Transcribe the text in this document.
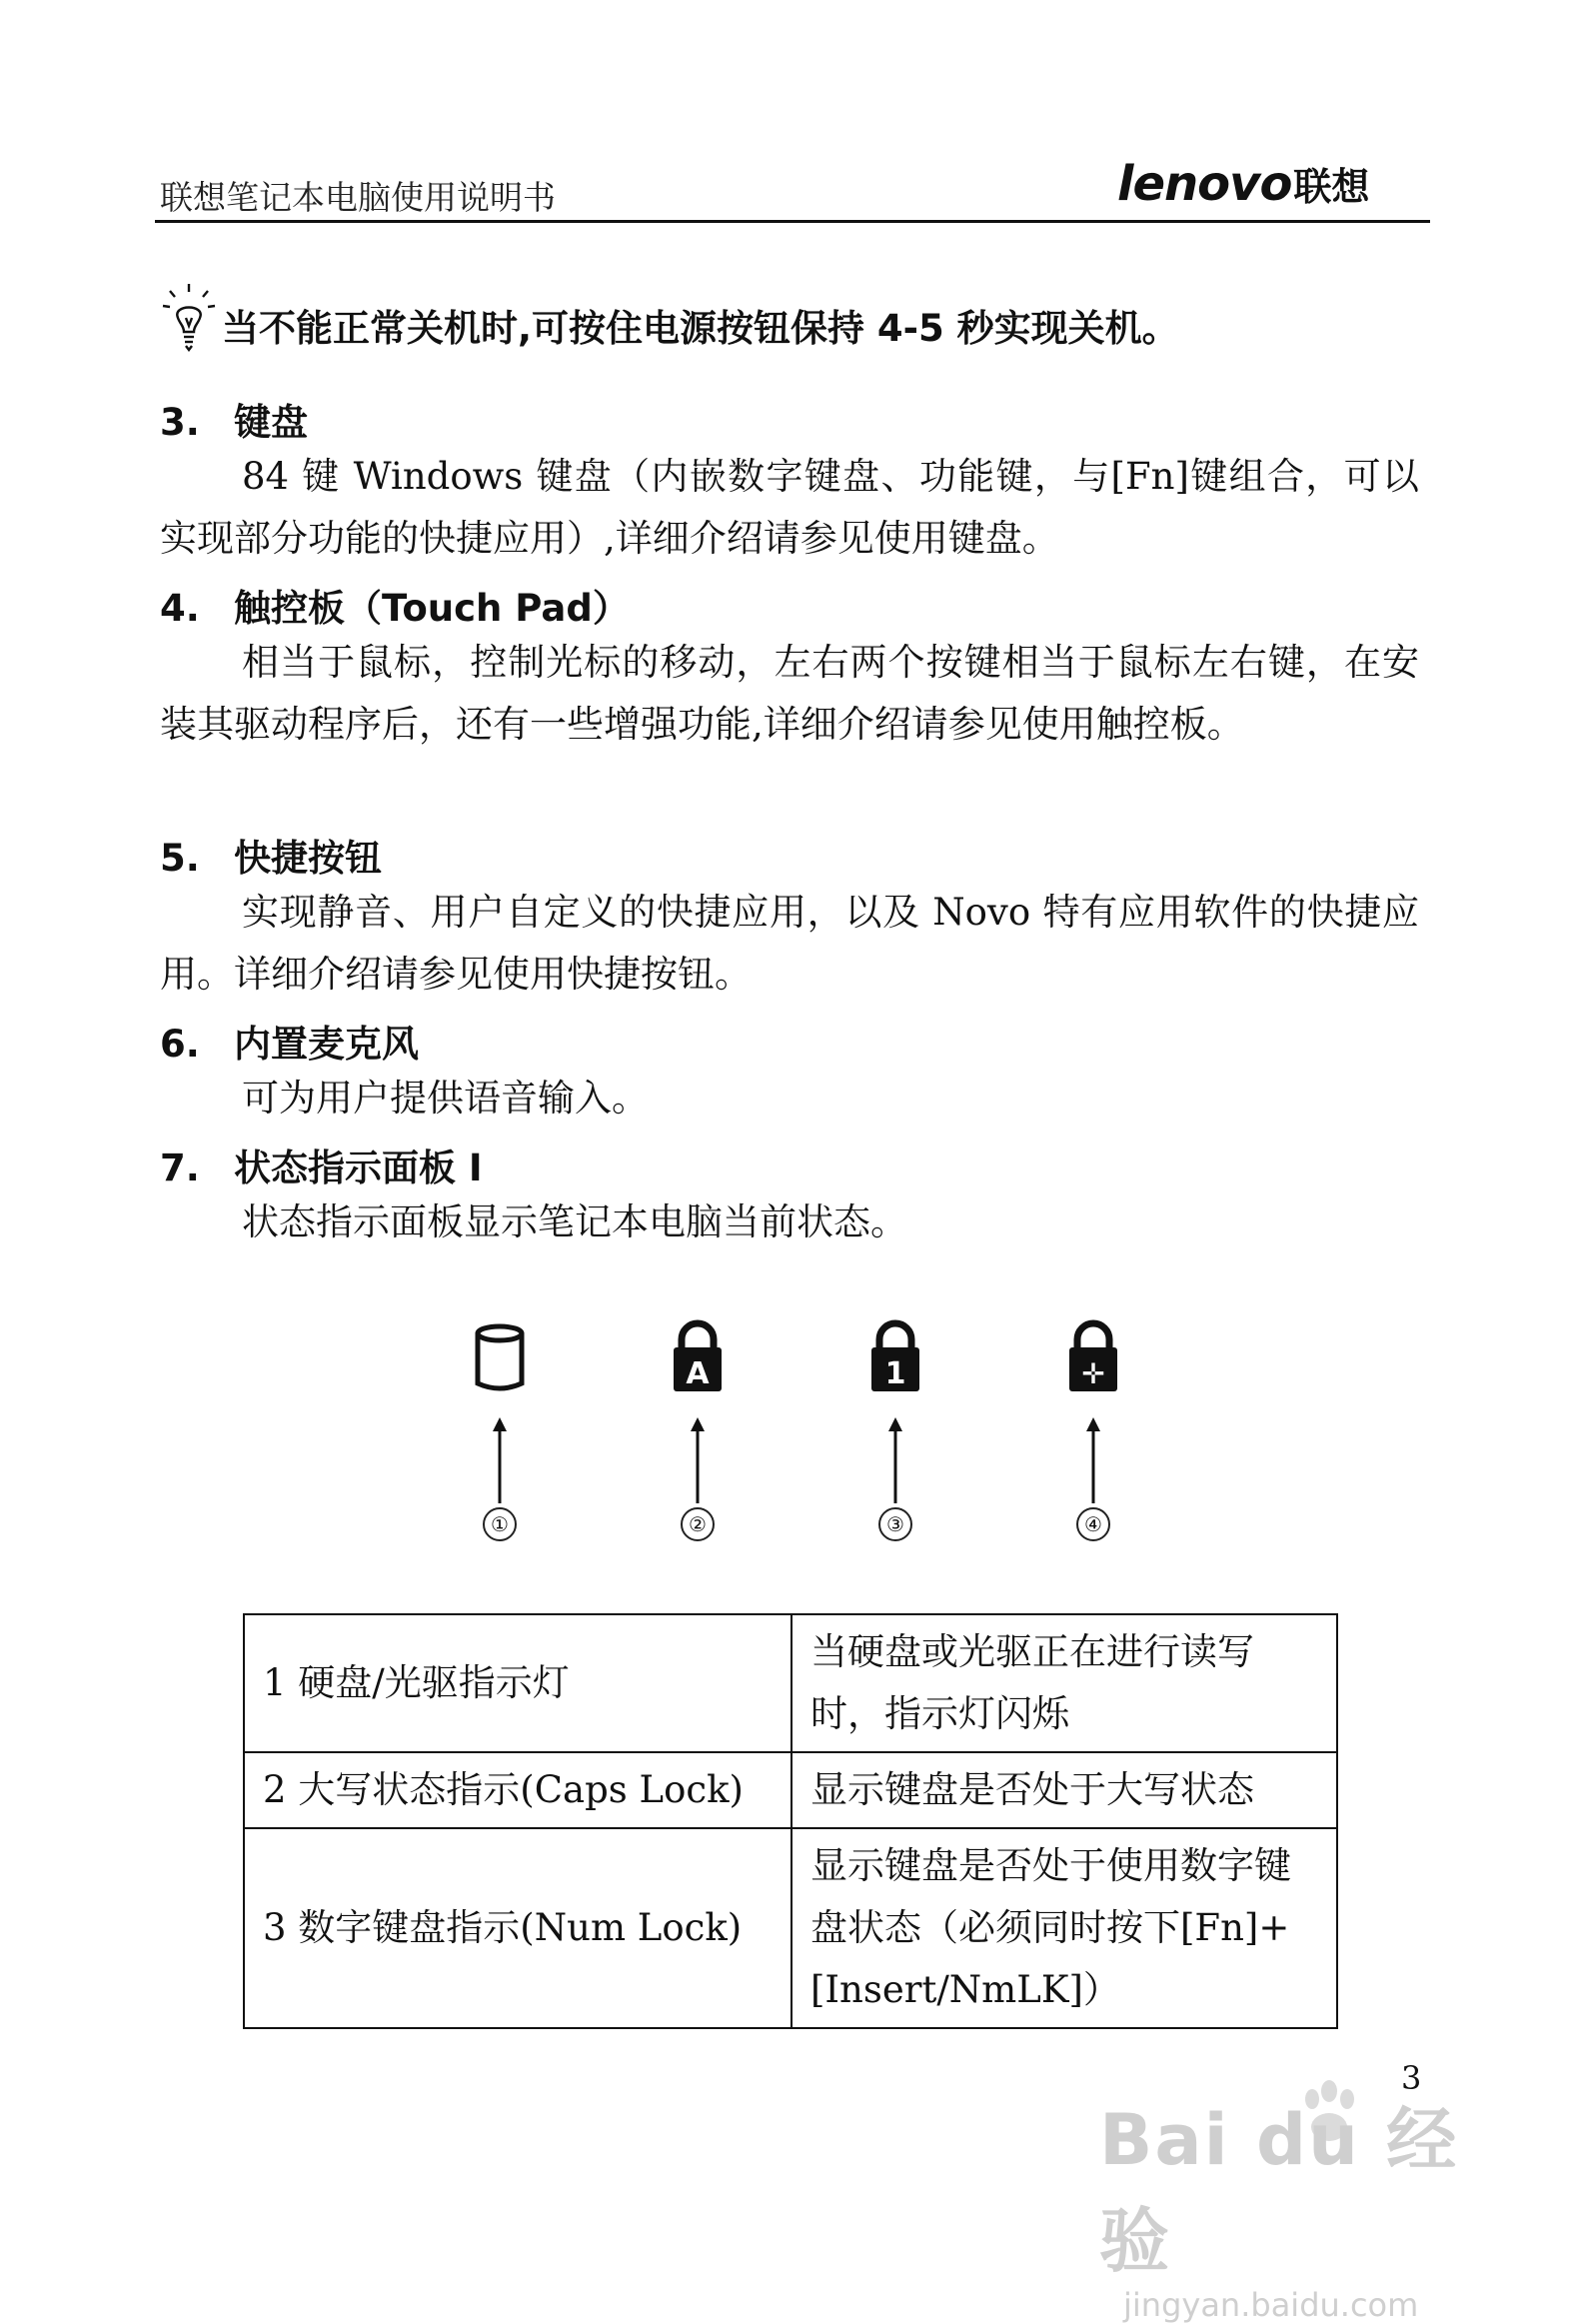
联想笔记本电脑使用说明书	lenovo联想
当不能正常关机时,可按住电源按钮保持 4-5 秒实现关机。
3. 键盘
84 键 Windows 键盘（内嵌数字键盘、功能键，与[Fn]键组合，可以实现部分功能的快捷应用）,详细介绍请参见使用键盘。
4. 触控板（Touch Pad）
相当于鼠标，控制光标的移动，左右两个按键相当于鼠标左右键，在安装其驱动程序后，还有一些增强功能,详细介绍请参见使用触控板。
5. 快捷按钮
实现静音、用户自定义的快捷应用，以及 Novo 特有应用软件的快捷应用。详细介绍请参见使用快捷按钮。
6. 内置麦克风
可为用户提供语音输入。
7. 状态指示面板 I
状态指示面板显示笔记本电脑当前状态。
①
A
②
1
③
✛
④
1 硬盘/光驱指示灯	当硬盘或光驱正在进行读写时，指示灯闪烁
2 大写状态指示(Caps Lock)	显示键盘是否处于大写状态
3 数字键盘指示(Num Lock)	显示键盘是否处于使用数字键盘状态（必须同时按下[Fn]+[Insert/NmLK]）
3
Bai du 经验
jingyan.baidu.com
